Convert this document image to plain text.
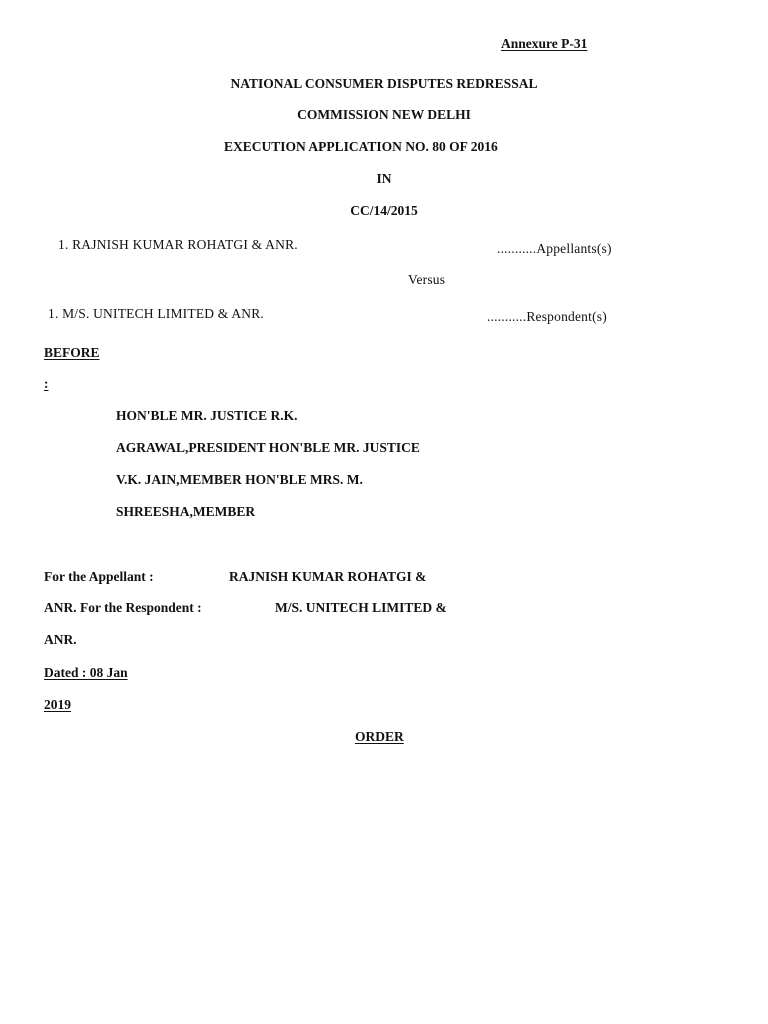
Annexure P-31
NATIONAL CONSUMER DISPUTES REDRESSAL
COMMISSION NEW DELHI
EXECUTION APPLICATION NO. 80 OF 2016
IN
CC/14/2015
1. RAJNISH KUMAR ROHATGI & ANR.	...........Appellants(s)
Versus
1. M/S. UNITECH LIMITED & ANR.	...........Respondent(s)
BEFORE
:
HON'BLE MR. JUSTICE R.K.
AGRAWAL,PRESIDENT HON'BLE MR. JUSTICE
V.K. JAIN,MEMBER HON'BLE MRS. M.
SHREESHA,MEMBER
For the Appellant :	RAJNISH KUMAR ROHATGI &
ANR. For the Respondent :	M/S. UNITECH LIMITED &
ANR.
Dated : 08 Jan
2019
ORDER
